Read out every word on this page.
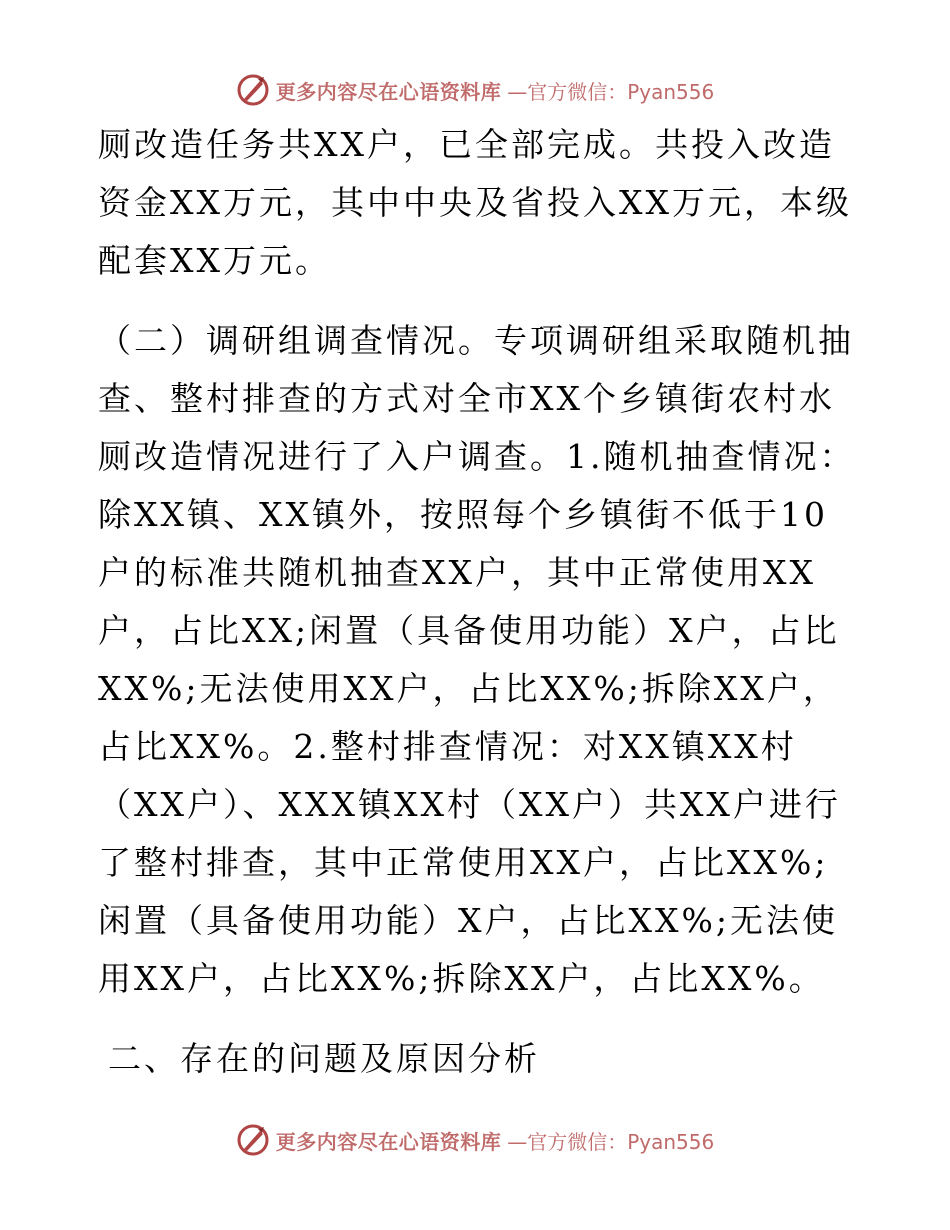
更多内容尽在心语资料库 —官方微信：Pyan556

厕改造任务共XX户，已全部完成。共投入改造资金XX万元，其中中央及省投入XX万元，本级配套XX万元。

（二）调研组调查情况。专项调研组采取随机抽查、整村排查的方式对全市XX个乡镇街农村水厕改造情况进行了入户调查。1.随机抽查情况：除XX镇、XX镇外，按照每个乡镇街不低于10户的标准共随机抽查XX户，其中正常使用XX户，占比XX;闲置（具备使用功能）X户，占比XX%;无法使用XX户，占比XX%;拆除XX户，占比XX%。2.整村排查情况：对XX镇XX村（XX户）、XXX镇XX村（XX户）共XX户进行了整村排查，其中正常使用XX户，占比XX%;闲置（具备使用功能）X户，占比XX%;无法使用XX户，占比XX%;拆除XX户，占比XX%。

二、存在的问题及原因分析

更多内容尽在心语资料库 —官方微信：Pyan556
